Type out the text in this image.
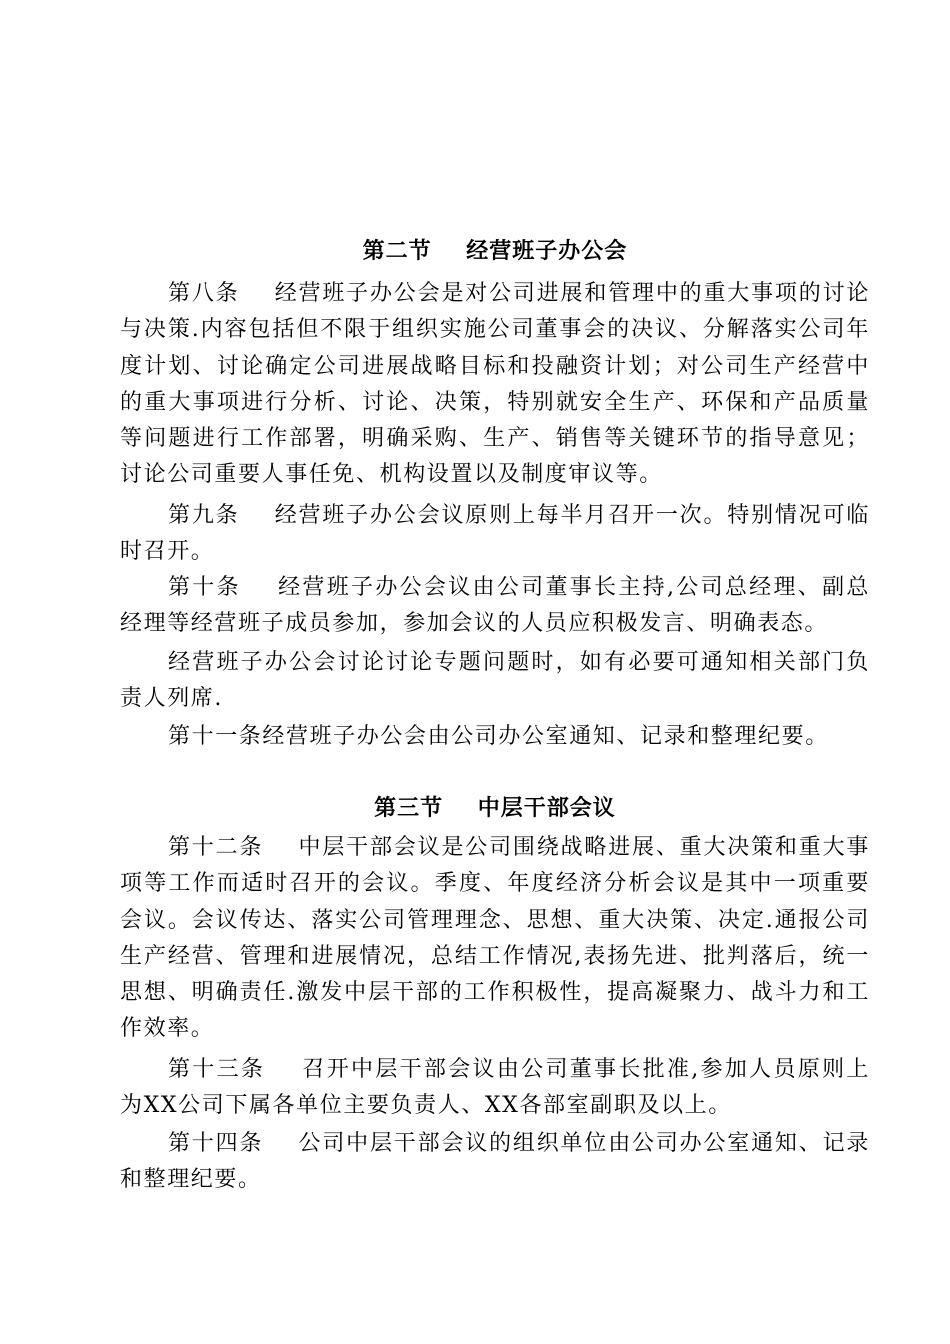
第二节    经营班子办公会

第八条    经营班子办公会是对公司进展和管理中的重大事项的讨论与决策.内容包括但不限于组织实施公司董事会的决议、分解落实公司年度计划、讨论确定公司进展战略目标和投融资计划；对公司生产经营中的重大事项进行分析、讨论、决策，特别就安全生产、环保和产品质量等问题进行工作部署，明确采购、生产、销售等关键环节的指导意见；讨论公司重要人事任免、机构设置以及制度审议等。

第九条    经营班子办公会议原则上每半月召开一次。特别情况可临时召开。

第十条    经营班子办公会议由公司董事长主持,公司总经理、副总经理等经营班子成员参加，参加会议的人员应积极发言、明确表态。

经营班子办公会讨论讨论专题问题时，如有必要可通知相关部门负责人列席.

第十一条经营班子办公会由公司办公室通知、记录和整理纪要。

第三节    中层干部会议

第十二条    中层干部会议是公司围绕战略进展、重大决策和重大事项等工作而适时召开的会议。季度、年度经济分析会议是其中一项重要会议。会议传达、落实公司管理理念、思想、重大决策、决定.通报公司生产经营、管理和进展情况，总结工作情况,表扬先进、批判落后，统一思想、明确责任.激发中层干部的工作积极性，提高凝聚力、战斗力和工作效率。

第十三条    召开中层干部会议由公司董事长批准,参加人员原则上为XX公司下属各单位主要负责人、XX各部室副职及以上。

第十四条    公司中层干部会议的组织单位由公司办公室通知、记录和整理纪要。
